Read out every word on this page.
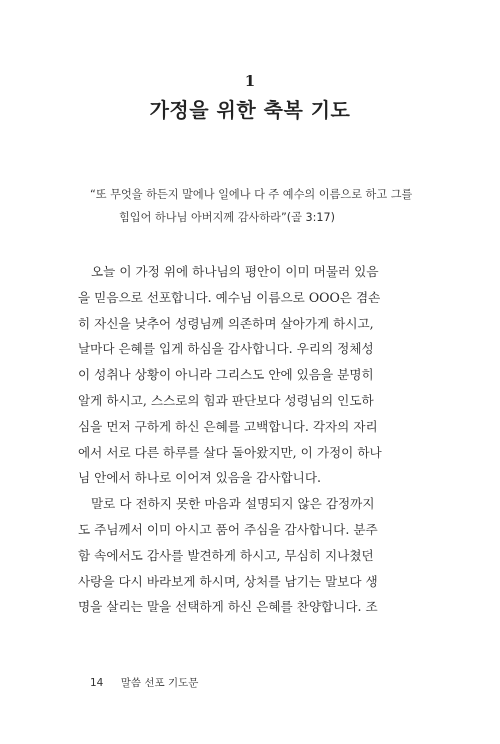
1
가정을 위한 축복 기도
“또 무엇을 하든지 말에나 일에나 다 주 예수의 이름으로 하고 그를
힘입어 하나님 아버지께 감사하라”(골 3:17)
오늘 이 가정 위에 하나님의 평안이 이미 머물러 있음
을 믿음으로 선포합니다. 예수님 이름으로 OOO은 겸손
히 자신을 낮추어 성령님께 의존하며 살아가게 하시고,
날마다 은혜를 입게 하심을 감사합니다. 우리의 정체성
이 성취나 상황이 아니라 그리스도 안에 있음을 분명히
알게 하시고, 스스로의 힘과 판단보다 성령님의 인도하
심을 먼저 구하게 하신 은혜를 고백합니다. 각자의 자리
에서 서로 다른 하루를 살다 돌아왔지만, 이 가정이 하나
님 안에서 하나로 이어져 있음을 감사합니다.
말로 다 전하지 못한 마음과 설명되지 않은 감정까지
도 주님께서 이미 아시고 품어 주심을 감사합니다. 분주
함 속에서도 감사를 발견하게 하시고, 무심히 지나쳤던
사랑을 다시 바라보게 하시며, 상처를 남기는 말보다 생
명을 살리는 말을 선택하게 하신 은혜를 찬양합니다. 조
14 말씀 선포 기도문
